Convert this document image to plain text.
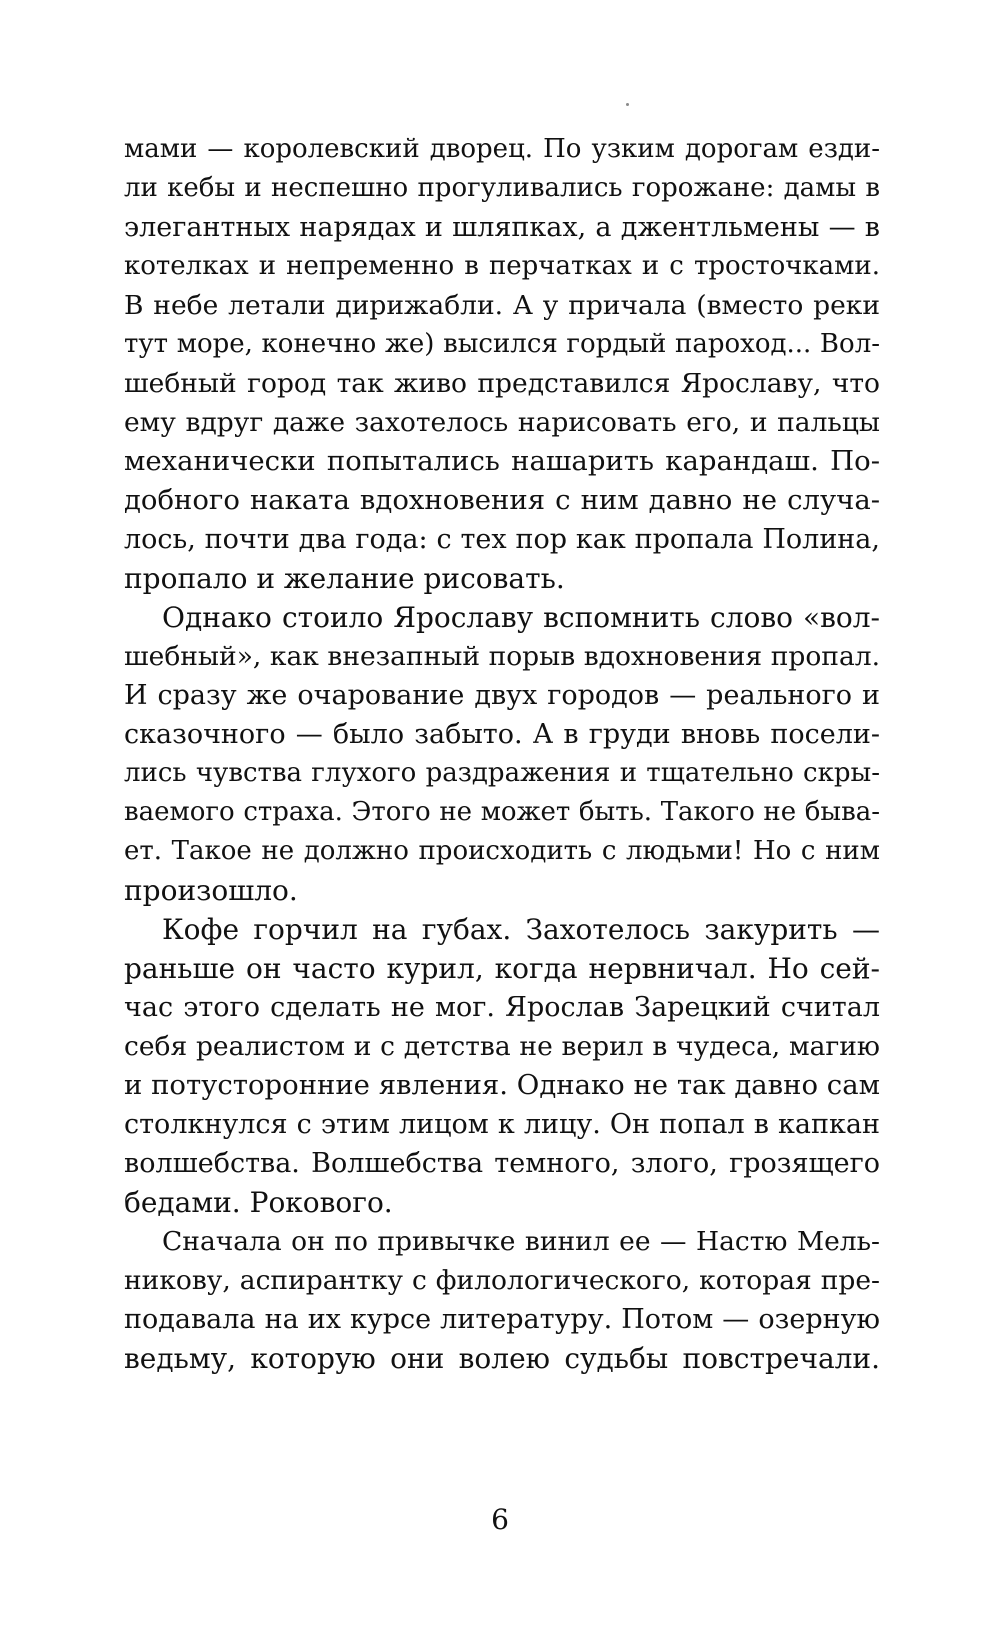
мами — королевский дворец. По узким дорогам езди-
ли кебы и неспешно прогуливались горожане: дамы в
элегантных нарядах и шляпках, а джентльмены — в
котелках и непременно в перчатках и с тросточками.
В небе летали дирижабли. А у причала (вместо реки
тут море, конечно же) высился гордый пароход... Вол-
шебный город так живо представился Ярославу, что
ему вдруг даже захотелось нарисовать его, и пальцы
механически попытались нашарить карандаш. По-
добного наката вдохновения с ним давно не случа-
лось, почти два года: с тех пор как пропала Полина,
пропало и желание рисовать.
Однако стоило Ярославу вспомнить слово «вол-
шебный», как внезапный порыв вдохновения пропал.
И сразу же очарование двух городов — реального и
сказочного — было забыто. А в груди вновь посели-
лись чувства глухого раздражения и тщательно скры-
ваемого страха. Этого не может быть. Такого не быва-
ет. Такое не должно происходить с людьми! Но с ним
произошло.
Кофе горчил на губах. Захотелось закурить —
раньше он часто курил, когда нервничал. Но сей-
час этого сделать не мог. Ярослав Зарецкий считал
себя реалистом и с детства не верил в чудеса, магию
и потусторонние явления. Однако не так давно сам
столкнулся с этим лицом к лицу. Он попал в капкан
волшебства. Волшебства темного, злого, грозящего
бедами. Рокового.
Сначала он по привычке винил ее — Настю Мель-
никову, аспирантку с филологического, которая пре-
подавала на их курсе литературу. Потом — озерную
ведьму, которую они волею судьбы повстречали.
6
